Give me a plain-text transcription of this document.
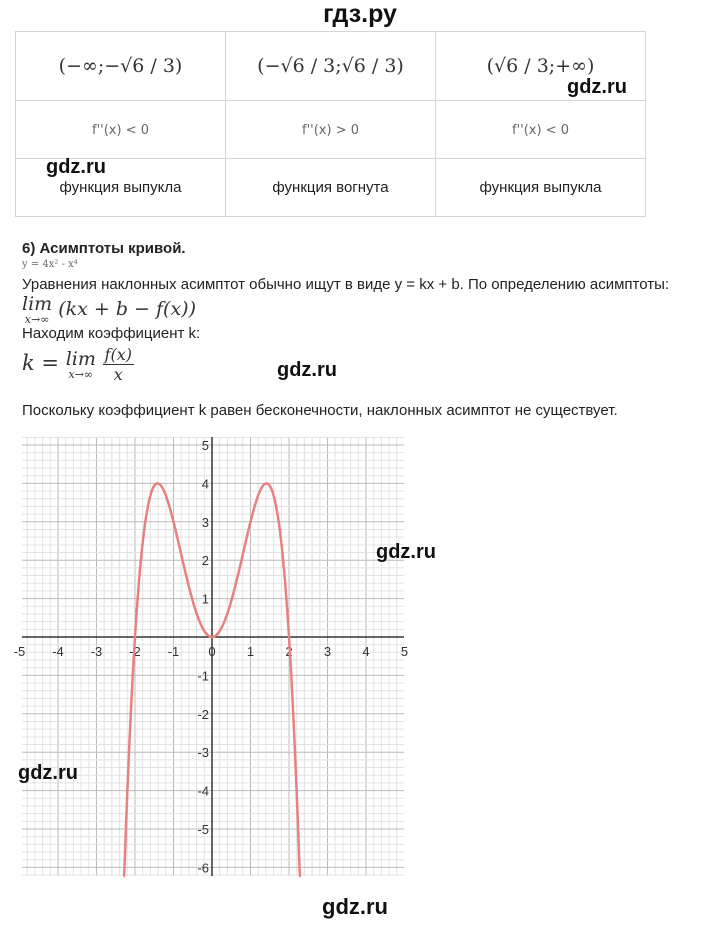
гдз.ру
(−∞;−√6 / 3)	(−√6 / 3;√6 / 3)	(√6 / 3;+∞)
f''(x) < 0	f''(x) > 0	f''(x) < 0
функция выпукла	функция вогнута	функция выпукла
gdz.ru
gdz.ru
6) Асимптоты кривой.
y = 4x² - x⁴
Уравнения наклонных асимптот обычно ищут в виде y = kx + b. По определению асимптоты:
lim
x→∞ (kx + b − f(x))
Находим коэффициент k:
k = lim
x→∞
$\frac{f(x)}{x}$	gdz.ru
Поскольку коэффициент k равен бесконечности, наклонных асимптот не существует.
-5 -4 -3 -2 -1 0 1 2 3 4 5
5
4
3
2
1
-1
-2
-3
-4
-5
-6
gdz.ru
gdz.ru
gdz.ru
